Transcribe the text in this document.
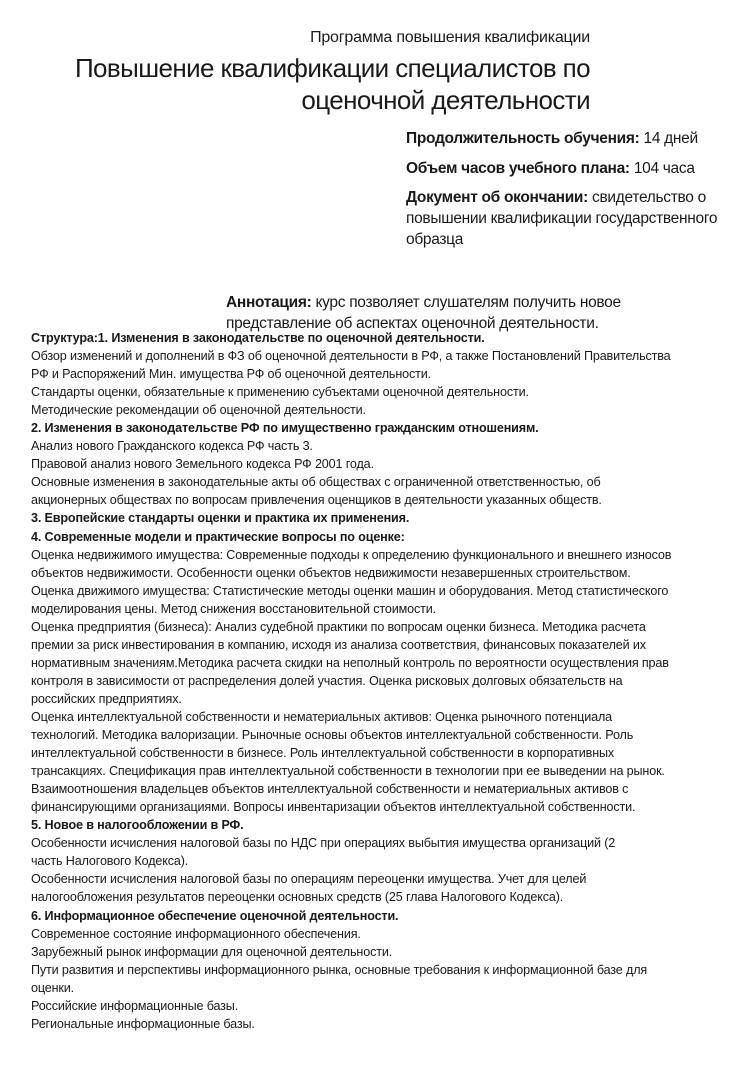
Программа повышения квалификации
Повышение квалификации специалистов по оценочной деятельности
Продолжительность обучения: 14 дней
Объем часов учебного плана: 104 часа
Документ об окончании: свидетельство о повышении квалификации государственного образца
Аннотация: курс позволяет слушателям получить новое представление об аспектах оценочной деятельности.
Структура:1. Изменения в законодательстве по оценочной деятельности.
Обзор изменений и дополнений в ФЗ об оценочной деятельности в РФ, а также Постановлений Правительства
РФ и Распоряжений Мин. имущества РФ об оценочной деятельности.
Стандарты оценки, обязательные к применению субъектами оценочной деятельности.
Методические рекомендации об оценочной деятельности.
2. Изменения в законодательстве РФ по имущественно гражданским отношениям.
Анализ нового Гражданского кодекса РФ часть 3.
Правовой анализ нового Земельного кодекса РФ 2001 года.
Основные изменения в законодательные акты об обществах с ограниченной ответственностью, об
акционерных обществах по вопросам привлечения оценщиков в деятельности указанных обществ.
3. Европейские стандарты оценки и практика их применения.
4. Современные модели и практические вопросы по оценке:
Оценка недвижимого имущества: Современные подходы к определению функционального и внешнего износов
объектов недвижимости. Особенности оценки объектов недвижимости незавершенных строительством.
Оценка движимого имущества: Статистические методы оценки машин и оборудования. Метод статистического
моделирования цены. Метод снижения восстановительной стоимости.
Оценка предприятия (бизнеса): Анализ судебной практики по вопросам оценки бизнеса. Методика расчета
премии за риск инвестирования в компанию, исходя из анализа соответствия, финансовых показателей их
нормативным значениям.Методика расчета скидки на неполный контроль по вероятности осуществления прав
контроля в зависимости от распределения долей участия. Оценка рисковых долговых обязательств на
российских предприятиях.
Оценка интеллектуальной собственности и нематериальных активов: Оценка рыночного потенциала
технологий. Методика валоризации. Рыночные основы объектов интеллектуальной собственности. Роль
интеллектуальной собственности в бизнесе. Роль интеллектуальной собственности в корпоративных
трансакциях. Спецификация прав интеллектуальной собственности в технологии при ее выведении на рынок.
Взаимоотношения владельцев объектов интеллектуальной собственности и нематериальных активов с
финансирующими организациями. Вопросы инвентаризации объектов интеллектуальной собственности.
5. Новое в налогообложении в РФ.
Особенности исчисления налоговой базы по НДС при операциях выбытия имущества организаций (2
часть Налогового Кодекса).
Особенности исчисления налоговой базы по операциям переоценки имущества. Учет для целей
налогообложения результатов переоценки основных средств (25 глава Налогового Кодекса).
6. Информационное обеспечение оценочной деятельности.
Современное состояние информационного обеспечения.
Зарубежный рынок информации для оценочной деятельности.
Пути развития и перспективы информационного рынка, основные требования к информационной базе для
оценки.
Российские информационные базы.
Региональные информационные базы.
